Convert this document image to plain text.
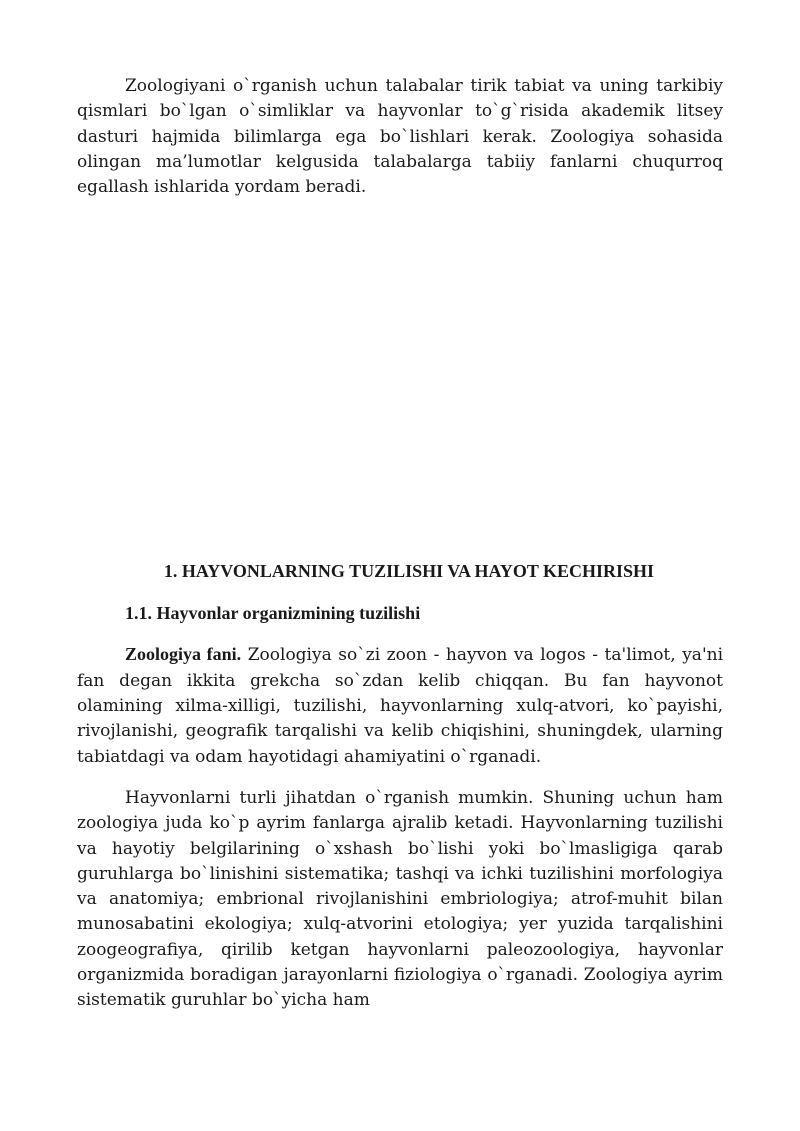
Zoologiyani o`rganish uchun talabalar tirik tabiat va uning tarkibiy qismlari bo`lgan o`simliklar va hayvonlar to`g`risida akademik litsey dasturi hajmida bilimlarga ega bo`lishlari kerak. Zoologiya sohasida olingan ma’lumotlar kelgusida talabalarga tabiiy fanlarni chuqurroq egallash ishlarida yordam beradi.

1. HAYVONLARNING TUZILISHI VA HAYOT KECHIRISHI
1.1. Hayvonlar organizmining tuzilishi

Zoologiya fani. Zoologiya so`zi zoon - hayvon va logos - ta'limot, ya'ni fan degan ikkita grekcha so`zdan kelib chiqqan. Bu fan hayvonot olamining xilma-xilligi, tuzilishi, hayvonlarning xulq-atvori, ko`payishi, rivojlanishi, geografik tarqalishi va kelib chiqishini, shuningdek, ularning tabiatdagi va odam hayotidagi ahamiyatini o`rganadi.

Hayvonlarni turli jihatdan o`rganish mumkin. Shuning uchun ham zoologiya juda ko`p ayrim fanlarga ajralib ketadi. Hayvonlarning tuzilishi va hayotiy belgilarining o`xshash bo`lishi yoki bo`lmasligiga qarab guruhlarga bo`linishini sistematika; tashqi va ichki tuzilishini morfologiya va anatomiya; embrional rivojlanishini embriologiya; atrof-muhit bilan munosabatini ekologiya; xulq-atvorini etologiya; yer yuzida tarqalishini zoogeografiya, qirilib ketgan hayvonlarni paleozoologiya, hayvonlar organizmida boradigan jarayonlarni fiziologiya o`rganadi. Zoologiya ayrim sistematik guruhlar bo`yicha ham
